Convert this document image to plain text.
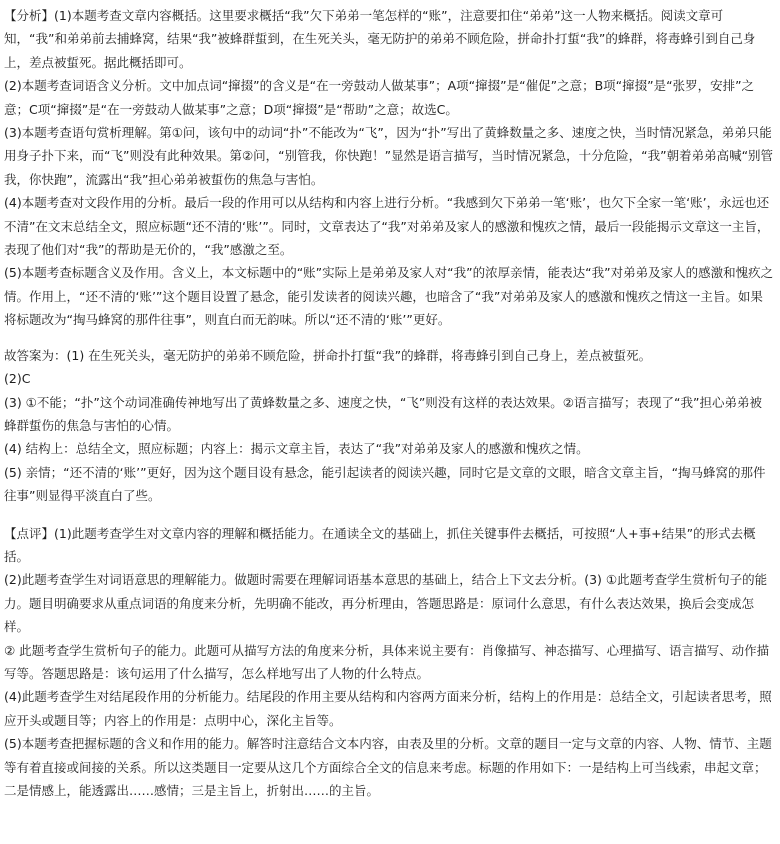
【分析】(1)本题考查文章内容概括。这里要求概括“我”欠下弟弟一笔怎样的“账”，注意要扣住“弟弟”这一人物来概括。阅读文章可知，“我”和弟弟前去捕蜂窝，结果“我”被蜂群蜇到，在生死关头，毫无防护的弟弟不顾危险，拼命扑打蜇“我”的蜂群，将毒蜂引到自己身上，差点被蜇死。据此概括即可。

(2)本题考查词语含义分析。文中加点词“撺掇”的含义是“在一旁鼓动人做某事”；A项“撺掇”是“催促”之意；B项“撺掇”是“张罗，安排”之意；C项“撺掇”是“在一旁鼓动人做某事”之意；D项“撺掇”是“帮助”之意；故选C。

(3)本题考查语句赏析理解。第①问，该句中的动词“扑”不能改为“飞”，因为“扑”写出了黄蜂数量之多、速度之快，当时情况紧急，弟弟只能用身子扑下来，而“飞”则没有此种效果。第②问，“别管我，你快跑！”显然是语言描写，当时情况紧急，十分危险，“我”朝着弟弟高喊“别管我，你快跑”，流露出“我”担心弟弟被蜇伤的焦急与害怕。

(4)本题考查对文段作用的分析。最后一段的作用可以从结构和内容上进行分析。“我感到欠下弟弟一笔‘账’，也欠下全家一笔‘账’，永远也还不清”在文末总结全文，照应标题“还不清的‘账’”。同时，文章表达了“我”对弟弟及家人的感激和愧疚之情，最后一段能揭示文章这一主旨，表现了他们对“我”的帮助是无价的，“我”感激之至。

(5)本题考查标题含义及作用。含义上，本文标题中的“账”实际上是弟弟及家人对“我”的浓厚亲情，能表达“我”对弟弟及家人的感激和愧疚之情。作用上，“还不清的‘账’”这个题目设置了悬念，能引发读者的阅读兴趣，也暗含了“我”对弟弟及家人的感激和愧疚之情这一主旨。如果将标题改为“掏马蜂窝的那件往事”，则直白而无韵味。所以“还不清的‘账’”更好。

故答案为：(1) 在生死关头，毫无防护的弟弟不顾危险，拼命扑打蜇“我”的蜂群，将毒蜂引到自己身上，差点被蜇死。

(2)C

(3) ①不能；“扑”这个动词准确传神地写出了黄蜂数量之多、速度之快，“飞”则没有这样的表达效果。②语言描写；表现了“我”担心弟弟被蜂群蜇伤的焦急与害怕的心情。

(4) 结构上：总结全文，照应标题；内容上：揭示文章主旨，表达了“我”对弟弟及家人的感激和愧疚之情。

(5) 亲情；“还不清的‘账’”更好，因为这个题目设有悬念，能引起读者的阅读兴趣，同时它是文章的文眼，暗含文章主旨，“掏马蜂窝的那件往事”则显得平淡直白了些。

【点评】(1)此题考查学生对文章内容的理解和概括能力。在通读全文的基础上，抓住关键事件去概括，可按照“人+事+结果”的形式去概括。

(2)此题考查学生对词语意思的理解能力。做题时需要在理解词语基本意思的基础上，结合上下文去分析。(3) ①此题考查学生赏析句子的能力。题目明确要求从重点词语的角度来分析，先明确不能改，再分析理由，答题思路是：原词什么意思，有什么表达效果，换后会变成怎样。

② 此题考查学生赏析句子的能力。此题可从描写方法的角度来分析，具体来说主要有：肖像描写、神态描写、心理描写、语言描写、动作描写等。答题思路是：该句运用了什么描写，怎么样地写出了人物的什么特点。

(4)此题考查学生对结尾段作用的分析能力。结尾段的作用主要从结构和内容两方面来分析，结构上的作用是：总结全文，引起读者思考，照应开头或题目等；内容上的作用是：点明中心，深化主旨等。

(5)本题考查把握标题的含义和作用的能力。解答时注意结合文本内容，由表及里的分析。文章的题目一定与文章的内容、人物、情节、主题等有着直接或间接的关系。所以这类题目一定要从这几个方面综合全文的信息来考虑。标题的作用如下：一是结构上可当线索，串起文章；二是情感上，能透露出……感情；三是主旨上，折射出……的主旨。
